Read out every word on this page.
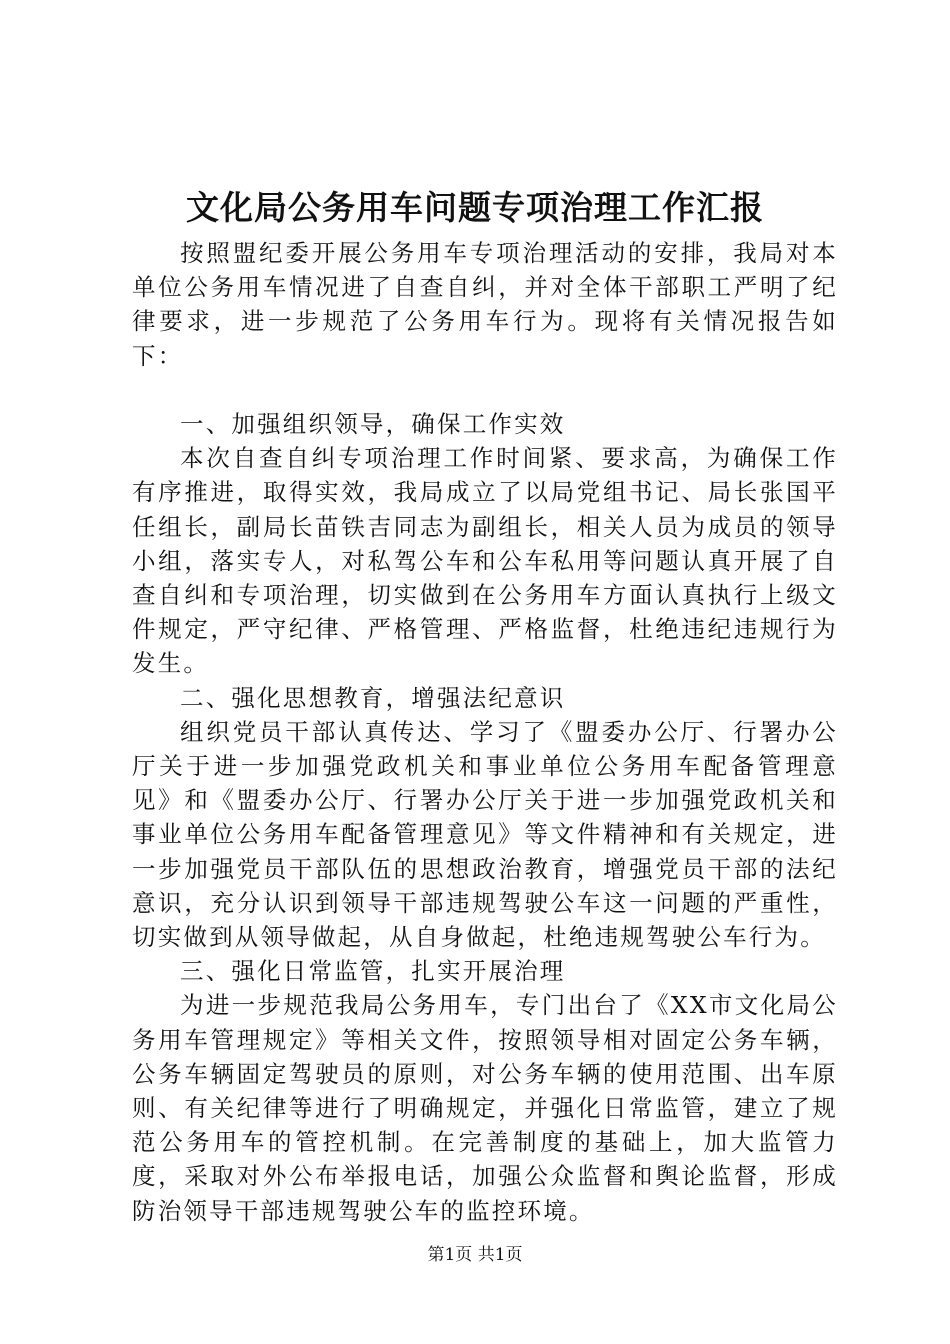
文化局公务用车问题专项治理工作汇报

按照盟纪委开展公务用车专项治理活动的安排，我局对本单位公务用车情况进了自查自纠，并对全体干部职工严明了纪律要求，进一步规范了公务用车行为。现将有关情况报告如下：

一、加强组织领导，确保工作实效

本次自查自纠专项治理工作时间紧、要求高，为确保工作有序推进，取得实效，我局成立了以局党组书记、局长张国平任组长，副局长苗铁吉同志为副组长，相关人员为成员的领导小组，落实专人，对私驾公车和公车私用等问题认真开展了自查自纠和专项治理，切实做到在公务用车方面认真执行上级文件规定，严守纪律、严格管理、严格监督，杜绝违纪违规行为发生。

二、强化思想教育，增强法纪意识

组织党员干部认真传达、学习了《盟委办公厅、行署办公厅关于进一步加强党政机关和事业单位公务用车配备管理意见》和《盟委办公厅、行署办公厅关于进一步加强党政机关和事业单位公务用车配备管理意见》等文件精神和有关规定，进一步加强党员干部队伍的思想政治教育，增强党员干部的法纪意识，充分认识到领导干部违规驾驶公车这一问题的严重性，切实做到从领导做起，从自身做起，杜绝违规驾驶公车行为。

三、强化日常监管，扎实开展治理

为进一步规范我局公务用车，专门出台了《XX市文化局公务用车管理规定》等相关文件，按照领导相对固定公务车辆，公务车辆固定驾驶员的原则，对公务车辆的使用范围、出车原则、有关纪律等进行了明确规定，并强化日常监管，建立了规范公务用车的管控机制。在完善制度的基础上，加大监管力度，采取对外公布举报电话，加强公众监督和舆论监督，形成防治领导干部违规驾驶公车的监控环境。

第1页 共1页
